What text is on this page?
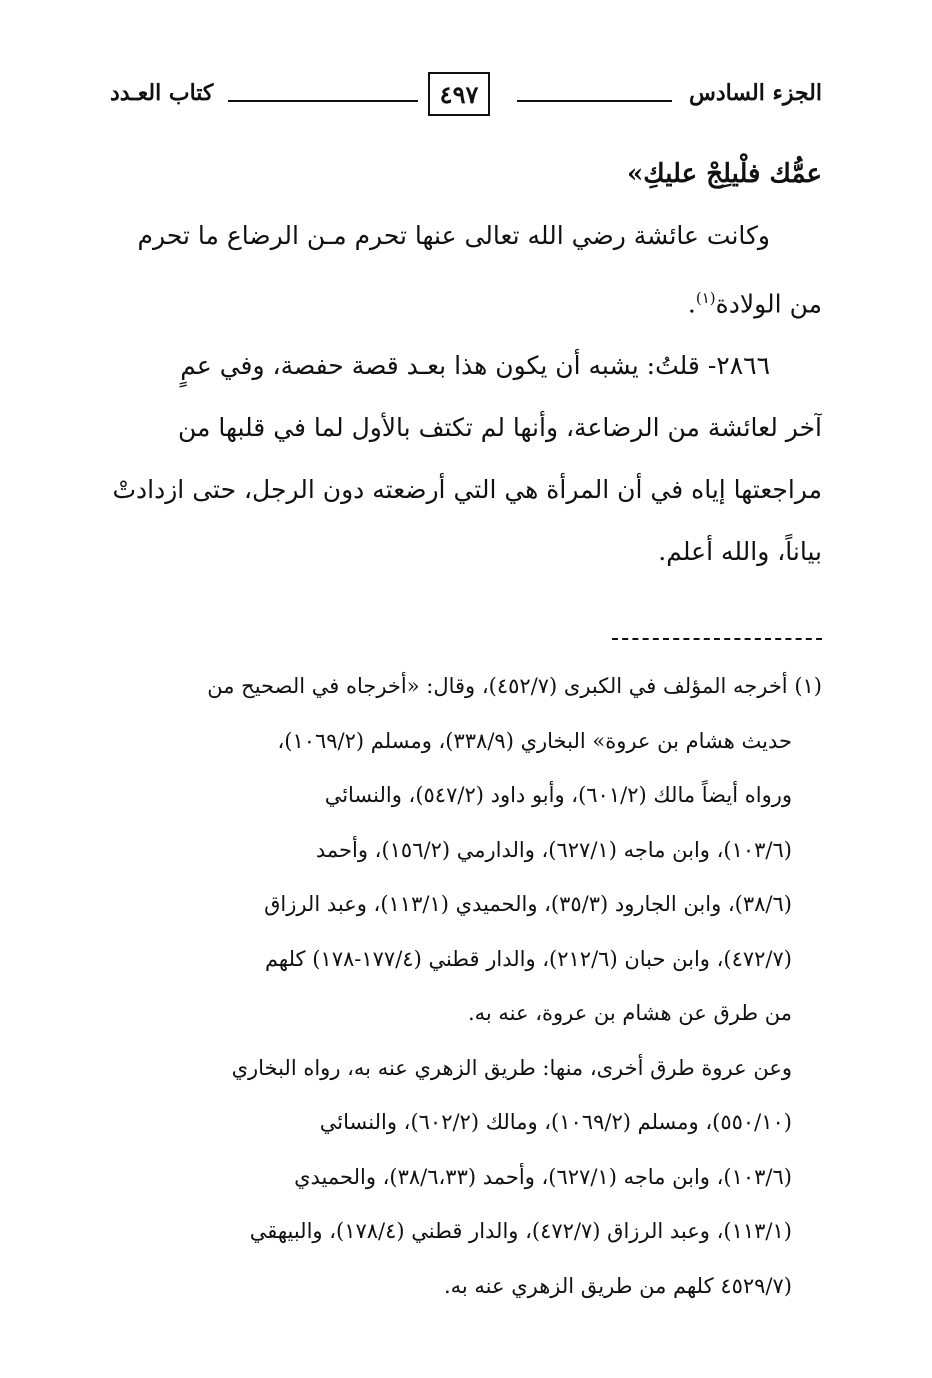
الجزء السادس
٤٩٧
كتاب العـدد
عمُّك فلْيلِجْ عليكِ»
وكانت عائشة رضي الله تعالى عنها تحرم مـن الرضاع ما تحرم
من الولادة$^{(١)}$.
٢٨٦٦- قلتُ: يشبه أن يكون هذا بعـد قصة حفصة، وفي عمٍ
آخر لعائشة من الرضاعة، وأنها لم تكتف بالأول لما في قلبها من
مراجعتها إياه في أن المرأة هي التي أرضعته دون الرجل، حتى ازدادتْ
بياناً، والله أعلم.
(١) أخرجه المؤلف في الكبرى (٤٥٢/٧)، وقال: «أخرجاه في الصحيح من
حديث هشام بن عروة» البخاري (٣٣٨/٩)، ومسلم (١٠٦٩/٢)،
ورواه أيضاً مالك (٦٠١/٢)، وأبو داود (٥٤٧/٢)، والنسائي
(١٠٣/٦)، وابن ماجه (٦٢٧/١)، والدارمي (١٥٦/٢)، وأحمد
(٣٨/٦)، وابن الجارود (٣٥/٣)، والحميدي (١١٣/١)، وعبد الرزاق
(٤٧٢/٧)، وابن حبان (٢١٢/٦)، والدار قطني (١٧٧/٤-١٧٨) كلهم
من طرق عن هشام بن عروة، عنه به.
وعن عروة طرق أخرى، منها: طريق الزهري عنه به، رواه البخاري
(٥٥٠/١٠)، ومسلم (١٠٦٩/٢)، ومالك (٦٠٢/٢)، والنسائي
(١٠٣/٦)، وابن ماجه (٦٢٧/١)، وأحمد (٣٨/٦،٣٣)، والحميدي
(١١٣/١)، وعبد الرزاق (٤٧٢/٧)، والدار قطني (١٧٨/٤)، والبيهقي
(٤٥٢٩/٧ كلهم من طريق الزهري عنه به.
